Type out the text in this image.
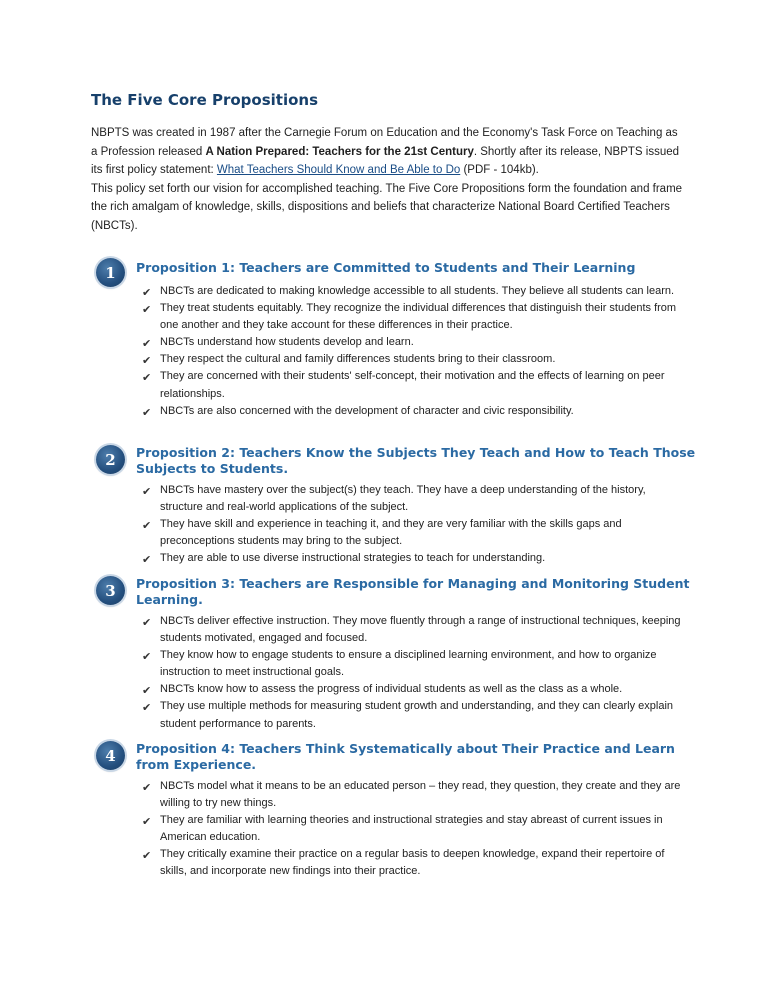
The Five Core Propositions
NBPTS was created in 1987 after the Carnegie Forum on Education and the Economy's Task Force on Teaching as a Profession released A Nation Prepared: Teachers for the 21st Century. Shortly after its release, NBPTS issued its first policy statement: What Teachers Should Know and Be Able to Do (PDF - 104kb).
This policy set forth our vision for accomplished teaching. The Five Core Propositions form the foundation and frame the rich amalgam of knowledge, skills, dispositions and beliefs that characterize National Board Certified Teachers (NBCTs).
1	Proposition 1: Teachers are Committed to Students and Their Learning
✔ NBCTs are dedicated to making knowledge accessible to all students. They believe all students can learn.
✔ They treat students equitably. They recognize the individual differences that distinguish their students from one another and they take account for these differences in their practice.
✔ NBCTs understand how students develop and learn.
✔ They respect the cultural and family differences students bring to their classroom.
✔ They are concerned with their students' self-concept, their motivation and the effects of learning on peer relationships.
✔ NBCTs are also concerned with the development of character and civic responsibility.
2	Proposition 2: Teachers Know the Subjects They Teach and How to Teach Those Subjects to Students.
✔ NBCTs have mastery over the subject(s) they teach. They have a deep understanding of the history, structure and real-world applications of the subject.
✔ They have skill and experience in teaching it, and they are very familiar with the skills gaps and preconceptions students may bring to the subject.
✔ They are able to use diverse instructional strategies to teach for understanding.
3	Proposition 3: Teachers are Responsible for Managing and Monitoring Student Learning.
✔ NBCTs deliver effective instruction. They move fluently through a range of instructional techniques, keeping students motivated, engaged and focused.
✔ They know how to engage students to ensure a disciplined learning environment, and how to organize instruction to meet instructional goals.
✔ NBCTs know how to assess the progress of individual students as well as the class as a whole.
✔ They use multiple methods for measuring student growth and understanding, and they can clearly explain student performance to parents.
4	Proposition 4: Teachers Think Systematically about Their Practice and Learn from Experience.
✔ NBCTs model what it means to be an educated person – they read, they question, they create and they are willing to try new things.
✔ They are familiar with learning theories and instructional strategies and stay abreast of current issues in American education.
✔ They critically examine their practice on a regular basis to deepen knowledge, expand their repertoire of skills, and incorporate new findings into their practice.
